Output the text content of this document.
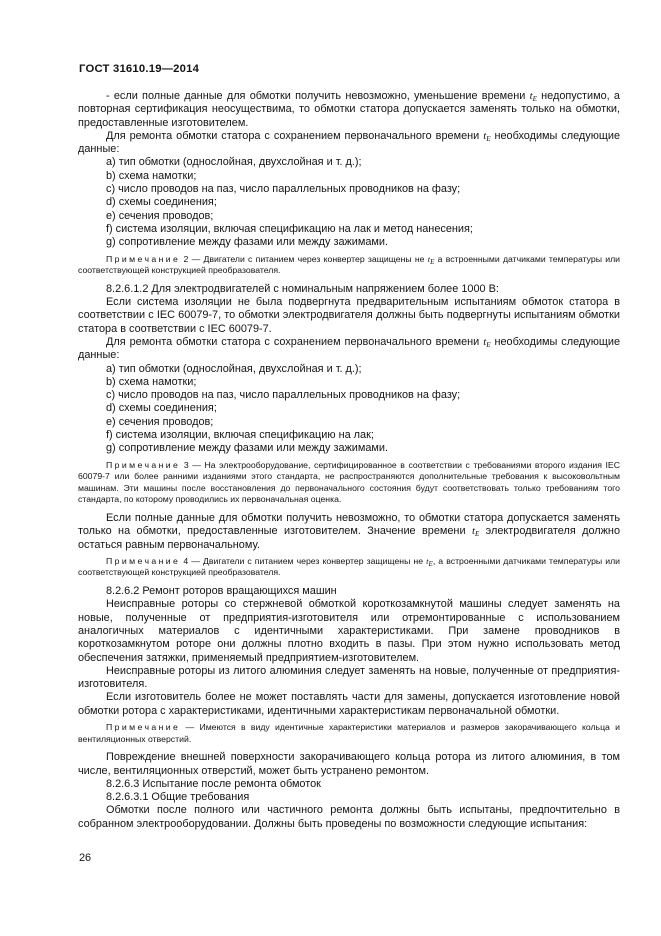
ГОСТ 31610.19—2014

- если полные данные для обмотки получить невозможно, уменьшение времени $t_E$ недопустимо, а повторная сертификация неосуществима, то обмотки статора допускается заменять только на обмотки, предоставленные изготовителем.

Для ремонта обмотки статора с сохранением первоначального времени $t_E$ необходимы следующие данные:

a) тип обмотки (однослойная, двухслойная и т. д.);

b) схема намотки;

c) число проводов на паз, число параллельных проводников на фазу;

d) схемы соединения;

e) сечения проводов;

f) система изоляции, включая спецификацию на лак и метод нанесения;

g) сопротивление между фазами или между зажимами.

Примечание 2 — Двигатели с питанием через конвертер защищены не $t_E$ а встроенными датчиками температуры или соответствующей конструкцией преобразователя.

8.2.6.1.2 Для электродвигателей с номинальным напряжением более 1000 В:

Если система изоляции не была подвергнута предварительным испытаниям обмоток статора в соответствии с IEC 60079-7, то обмотки электродвигателя должны быть подвергнуты испытаниям обмотки статора в соответствии с IEC 60079-7.

Для ремонта обмотки статора с сохранением первоначального времени $t_E$ необходимы следующие данные:

a) тип обмотки (однослойная, двухслойная и т. д.);

b) схема намотки;

c) число проводов на паз, число параллельных проводников на фазу;

d) схемы соединения;

e) сечения проводов;

f) система изоляции, включая спецификацию на лак;

g) сопротивление между фазами или между зажимами.

Примечание 3 — На электрооборудование, сертифицированное в соответствии с требованиями второго издания IEC 60079-7 или более ранними изданиями этого стандарта, не распространяются дополнительные требования к высоковольтным машинам. Эти машины после восстановления до первоначального состояния будут соответствовать только требованиям того стандарта, по которому проводились их первоначальная оценка.

Если полные данные для обмотки получить невозможно, то обмотки статора допускается заменять только на обмотки, предоставленные изготовителем. Значение времени $t_E$ электродвигателя должно остаться равным первоначальному.

Примечание 4 — Двигатели с питанием через конвертер защищены не $t_E$, а встроенными датчиками температуры или соответствующей конструкцией преобразователя.

8.2.6.2 Ремонт роторов вращающихся машин

Неисправные роторы со стержневой обмоткой короткозамкнутой машины следует заменять на новые, полученные от предприятия-изготовителя или отремонтированные с использованием аналогичных материалов с идентичными характеристиками. При замене проводников в короткозамкнутом роторе они должны плотно входить в пазы. При этом нужно использовать метод обеспечения затяжки, применяемый предприятием-изготовителем.

Неисправные роторы из литого алюминия следует заменять на новые, полученные от предприятия-изготовителя.

Если изготовитель более не может поставлять части для замены, допускается изготовление новой обмотки ротора с характеристиками, идентичными характеристикам первоначальной обмотки.

Примечание — Имеются в виду идентичные характеристики материалов и размеров закорачивающего кольца и вентиляционных отверстий.

Повреждение внешней поверхности закорачивающего кольца ротора из литого алюминия, в том числе, вентиляционных отверстий, может быть устранено ремонтом.

8.2.6.3 Испытание после ремонта обмоток

8.2.6.3.1 Общие требования

Обмотки после полного или частичного ремонта должны быть испытаны, предпочтительно в собранном электрооборудовании. Должны быть проведены по возможности следующие испытания:

26
